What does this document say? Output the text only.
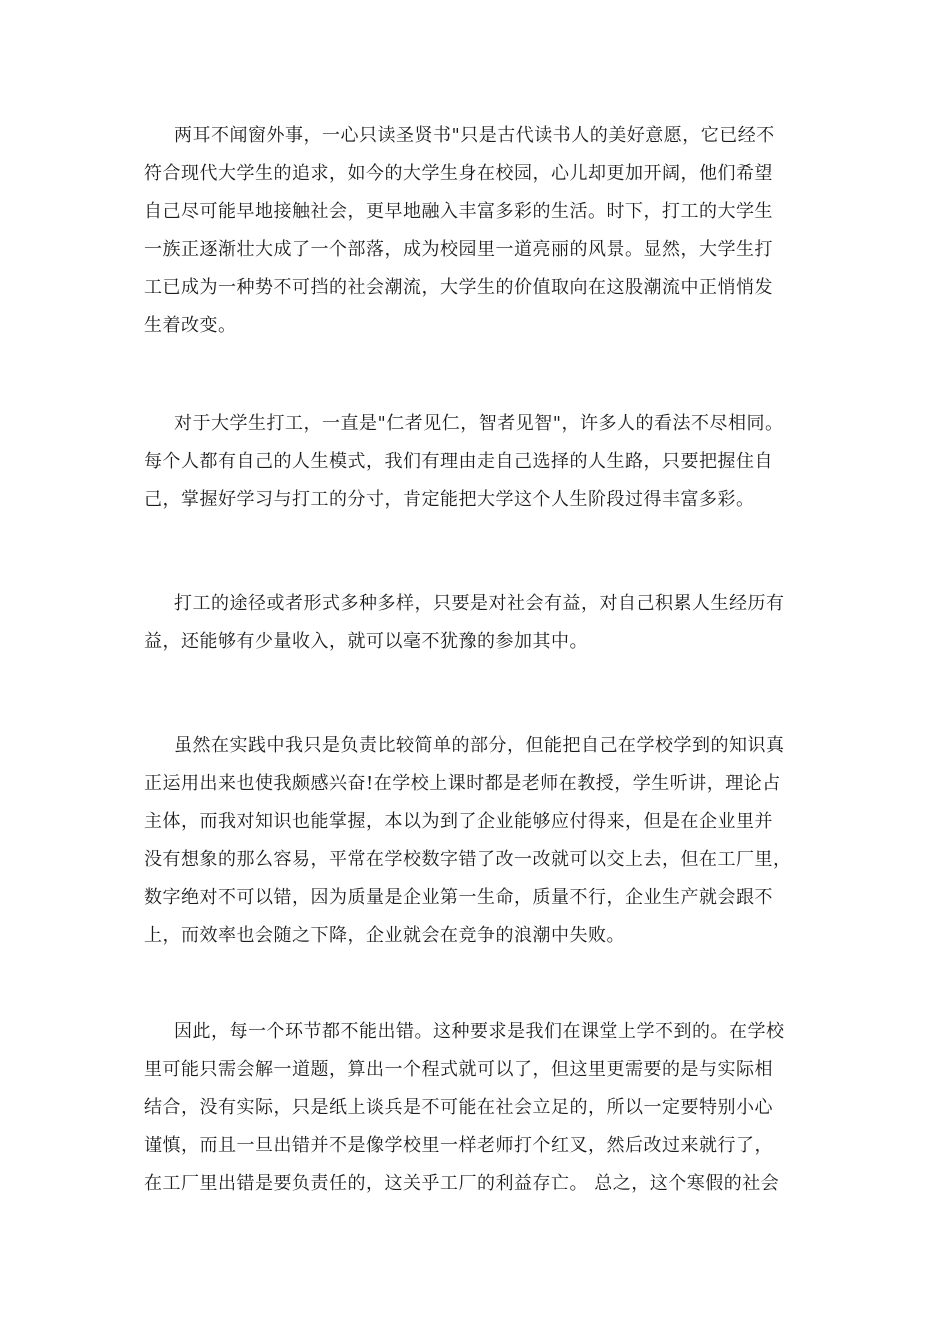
两耳不闻窗外事，一心只读圣贤书"只是古代读书人的美好意愿，它已经不
符合现代大学生的追求，如今的大学生身在校园，心儿却更加开阔，他们希望
自己尽可能早地接触社会，更早地融入丰富多彩的生活。时下，打工的大学生
一族正逐渐壮大成了一个部落，成为校园里一道亮丽的风景。显然，大学生打
工已成为一种势不可挡的社会潮流，大学生的价值取向在这股潮流中正悄悄发
生着改变。

对于大学生打工，一直是"仁者见仁，智者见智"，许多人的看法不尽相同。
每个人都有自己的人生模式，我们有理由走自己选择的人生路，只要把握住自
己，掌握好学习与打工的分寸，肯定能把大学这个人生阶段过得丰富多彩。

打工的途径或者形式多种多样，只要是对社会有益，对自己积累人生经历有
益，还能够有少量收入，就可以毫不犹豫的参加其中。

虽然在实践中我只是负责比较简单的部分，但能把自己在学校学到的知识真
正运用出来也使我颇感兴奋!在学校上课时都是老师在教授，学生听讲，理论占
主体，而我对知识也能掌握，本以为到了企业能够应付得来，但是在企业里并
没有想象的那么容易，平常在学校数字错了改一改就可以交上去，但在工厂里，
数字绝对不可以错，因为质量是企业第一生命，质量不行，企业生产就会跟不
上，而效率也会随之下降，企业就会在竞争的浪潮中失败。

因此，每一个环节都不能出错。这种要求是我们在课堂上学不到的。在学校
里可能只需会解一道题，算出一个程式就可以了，但这里更需要的是与实际相
结合，没有实际，只是纸上谈兵是不可能在社会立足的，所以一定要特别小心
谨慎，而且一旦出错并不是像学校里一样老师打个红叉，然后改过来就行了，
在工厂里出错是要负责任的，这关乎工厂的利益存亡。 总之，这个寒假的社会
